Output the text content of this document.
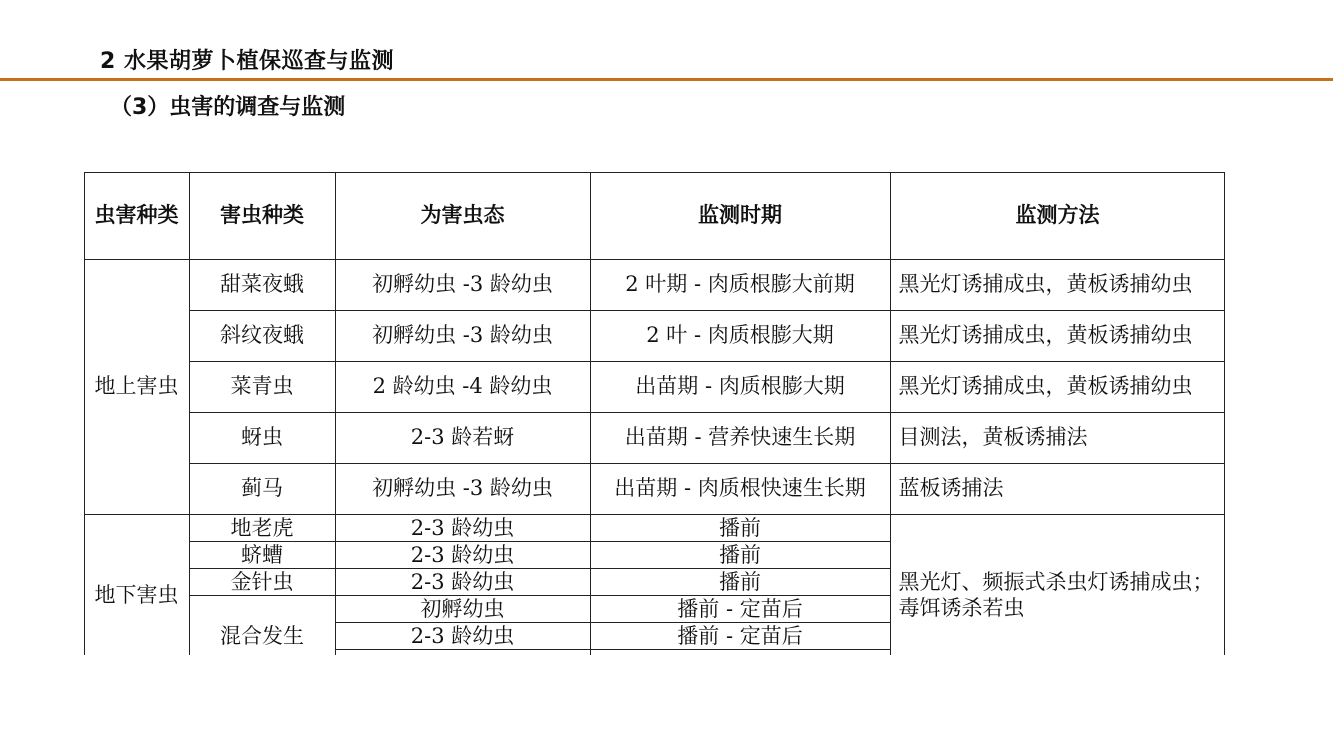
2 水果胡萝卜植保巡查与监测
（3）虫害的调查与监测
虫害种类	害虫种类	为害虫态	监测时期	监测方法
地上害虫	甜菜夜蛾	初孵幼虫 -3 龄幼虫	2 叶期 - 肉质根膨大前期	黑光灯诱捕成虫，黄板诱捕幼虫
	斜纹夜蛾	初孵幼虫 -3 龄幼虫	2 叶 - 肉质根膨大期	黑光灯诱捕成虫，黄板诱捕幼虫
	菜青虫	2 龄幼虫 -4 龄幼虫	出苗期 - 肉质根膨大期	黑光灯诱捕成虫，黄板诱捕幼虫
	蚜虫	2-3 龄若蚜	出苗期 - 营养快速生长期	目测法，黄板诱捕法
	蓟马	初孵幼虫 -3 龄幼虫	出苗期 - 肉质根快速生长期	蓝板诱捕法
地下害虫	地老虎	2-3 龄幼虫	播前	黑光灯、频振式杀虫灯诱捕成虫；毒饵诱杀若虫
	蛴螬	2-3 龄幼虫	播前	
	金针虫	2-3 龄幼虫	播前	
	混合发生	初孵幼虫	播前 - 定苗后	
		2-3 龄幼虫	播前 - 定苗后	
